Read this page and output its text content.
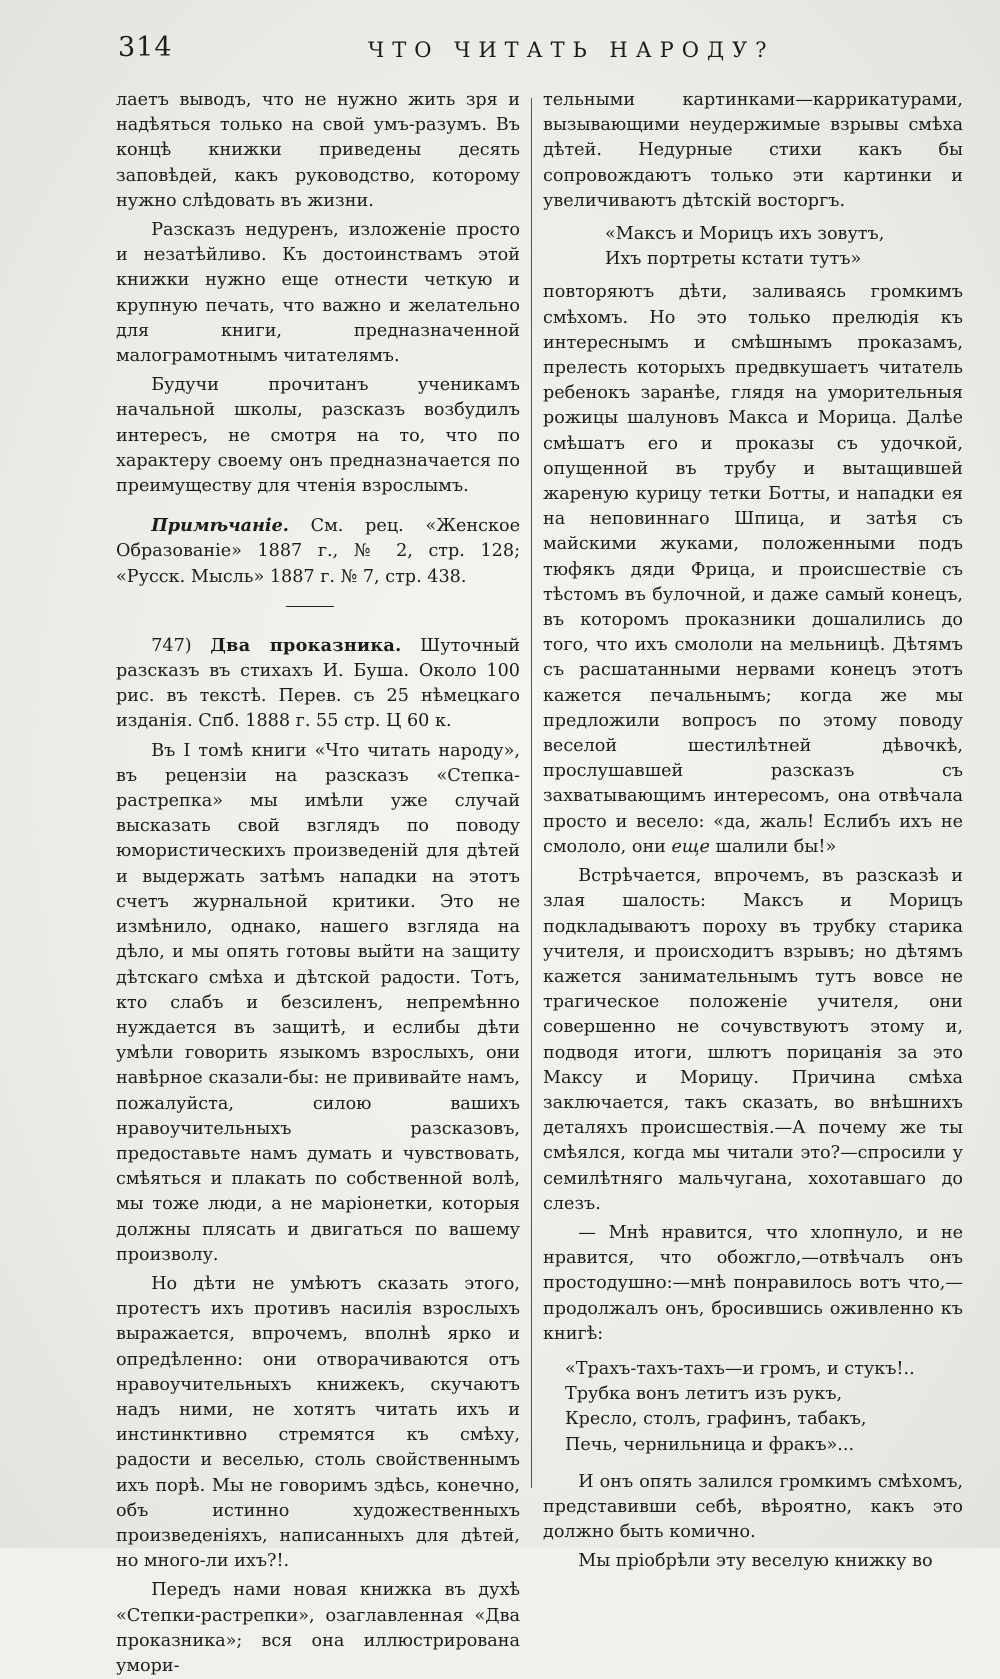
314	ЧТО ЧИТАТЬ НАРОДУ?

лаетъ выводъ, что не нужно жить зря и надѣяться только на свой умъ-разумъ. Въ концѣ книжки приведены десять заповѣдей, какъ руководство, которому нужно слѣдовать въ жизни.

Разсказъ недуренъ, изложеніе просто и незатѣйливо. Къ достоинствамъ этой книжки нужно еще отнести четкую и крупную печать, что важно и желательно для книги, предназначенной малограмотнымъ читателямъ.

Будучи прочитанъ ученикамъ начальной школы, разсказъ возбудилъ интересъ, не смотря на то, что по характеру своему онъ предназначается по преимуществу для чтенія взрослымъ.

Примѣчаніе. См. рец. «Женское Образованіе» 1887 г., № 2, стр. 128; «Русск. Мысль» 1887 г. № 7, стр. 438.

747) Два проказника. Шуточный разсказъ въ стихахъ И. Буша. Около 100 рис. въ текстѣ. Перев. съ 25 нѣмецкаго изданія. Спб. 1888 г. 55 стр. Ц 60 к.

Въ I томѣ книги «Что читать народу», въ рецензіи на разсказъ «Степка-растрепка» мы имѣли уже случай высказать свой взглядъ по поводу юмористическихъ произведеній для дѣтей и выдержать затѣмъ нападки на этотъ счетъ журнальной критики. Это не измѣнило, однако, нашего взгляда на дѣло, и мы опять готовы выйти на защиту дѣтскаго смѣха и дѣтской радости. Тотъ, кто слабъ и безсиленъ, непремѣнно нуждается въ защитѣ, и еслибы дѣти умѣли говорить языкомъ взрослыхъ, они навѣрное сказали-бы: не прививайте намъ, пожалуйста, силою вашихъ нравоучительныхъ разсказовъ, предоставьте намъ думать и чувствовать, смѣяться и плакать по собственной волѣ, мы тоже люди, а не маріонетки, которыя должны плясать и двигаться по вашему произволу.

Но дѣти не умѣютъ сказать этого, протестъ ихъ противъ насилія взрослыхъ выражается, впрочемъ, вполнѣ ярко и опредѣленно: они отворачиваются отъ нравоучительныхъ книжекъ, скучаютъ надъ ними, не хотятъ читать ихъ и инстинктивно стремятся къ смѣху, радости и веселью, столь свойственнымъ ихъ порѣ. Мы не говоримъ здѣсь, конечно, объ истинно художественныхъ произведеніяхъ, написанныхъ для дѣтей, но много-ли ихъ?!.

Передъ нами новая книжка въ духѣ «Степки-растрепки», озаглавленная «Два проказника»; вся она иллюстрирована умори-

тельными картинками—каррикатурами, вызывающими неудержимые взрывы смѣха дѣтей. Недурные стихи какъ бы сопровождаютъ только эти картинки и увеличиваютъ дѣтскій восторгъ.

«Максъ и Морицъ ихъ зовутъ,
Ихъ портреты кстати тутъ»

повторяютъ дѣти, заливаясь громкимъ смѣхомъ. Но это только прелюдія къ интереснымъ и смѣшнымъ проказамъ, прелесть которыхъ предвкушаетъ читатель ребенокъ заранѣе, глядя на уморительныя рожицы шалуновъ Макса и Морица. Далѣе смѣшатъ его и проказы съ удочкой, опущенной въ трубу и вытащившей жареную курицу тетки Ботты, и нападки ея на неповиннаго Шпица, и затѣя съ майскими жуками, положенными подъ тюфякъ дяди Фрица, и происшествіе съ тѣстомъ въ булочной, и даже самый конецъ, въ которомъ проказники дошалились до того, что ихъ смололи на мельницѣ. Дѣтямъ съ расшатанными нервами конецъ этотъ кажется печальнымъ; когда же мы предложили вопросъ по этому поводу веселой шестилѣтней дѣвочкѣ, прослушавшей разсказъ съ захватывающимъ интересомъ, она отвѣчала просто и весело: «да, жаль! Еслибъ ихъ не смололо, они еще шалили бы!»

Встрѣчается, впрочемъ, въ разсказѣ и злая шалость: Максъ и Морицъ подкладываютъ пороху въ трубку старика учителя, и происходитъ взрывъ; но дѣтямъ кажется занимательнымъ тутъ вовсе не трагическое положеніе учителя, они совершенно не сочувствуютъ этому и, подводя итоги, шлютъ порицанія за это Максу и Морицу. Причина смѣха заключается, такъ сказать, во внѣшнихъ деталяхъ происшествія.—А почему же ты смѣялся, когда мы читали это?—спросили у семилѣтняго мальчугана, хохотавшаго до слезъ.

— Мнѣ нравится, что хлопнуло, и не нравится, что обожгло,—отвѣчалъ онъ простодушно:—мнѣ понравилось вотъ что,—продолжалъ онъ, бросившись оживленно къ книгѣ:

«Трахъ-тахъ-тахъ—и громъ, и стукъ!..
Трубка вонъ летитъ изъ рукъ,
Кресло, столъ, графинъ, табакъ,
Печь, чернильница и фракъ»...

И онъ опять залился громкимъ смѣхомъ, представивши себѣ, вѣроятно, какъ это должно быть комично.

Мы пріобрѣли эту веселую книжку во
